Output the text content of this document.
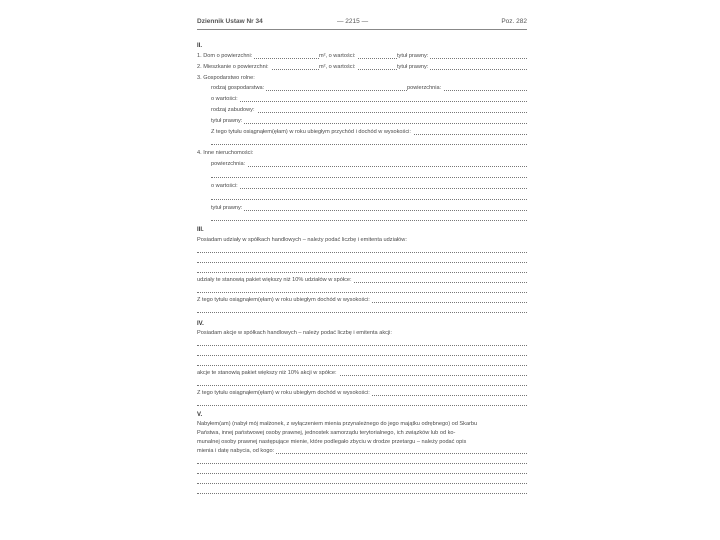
Dziennik Ustaw Nr 34	— 2215 —	Poz. 282
II.
1. Dom o powierzchni:	m², o wartości:	tytuł prawny:
2. Mieszkanie o powierzchni:	m², o wartości:	tytuł prawny:
3. Gospodarstwo rolne:
rodzaj gospodarstwa:	powierzchnia:
o wartości:
rodzaj zabudowy:
tytuł prawny:
Z tego tytułu osiągnąłem(ęłam) w roku ubiegłym przychód i dochód w wysokości:
4. Inne nieruchomości:
powierzchnia:
o wartości:
tytuł prawny:
III.
Posiadam udziały w spółkach handlowych – należy podać liczbę i emitenta udziałów:
udziały te stanowią pakiet większy niż 10% udziałów w spółce:
Z tego tytułu osiągnąłem(ęłam) w roku ubiegłym dochód w wysokości:
IV.
Posiadam akcje w spółkach handlowych – należy podać liczbę i emitenta akcji:
akcje te stanowią pakiet większy niż 10% akcji w spółce:
Z tego tytułu osiągnąłem(ęłam) w roku ubiegłym dochód w wysokości:
V.
Nabyłem(am) (nabył mój małżonek, z wyłączeniem mienia przynależnego do jego majątku odrębnego) od Skarbu
Państwa, innej państwowej osoby prawnej, jednostek samorządu terytorialnego, ich związków lub od ko-
munalnej osoby prawnej następujące mienie, które podlegało zbyciu w drodze przetargu – należy podać opis
mienia i datę nabycia, od kogo:
